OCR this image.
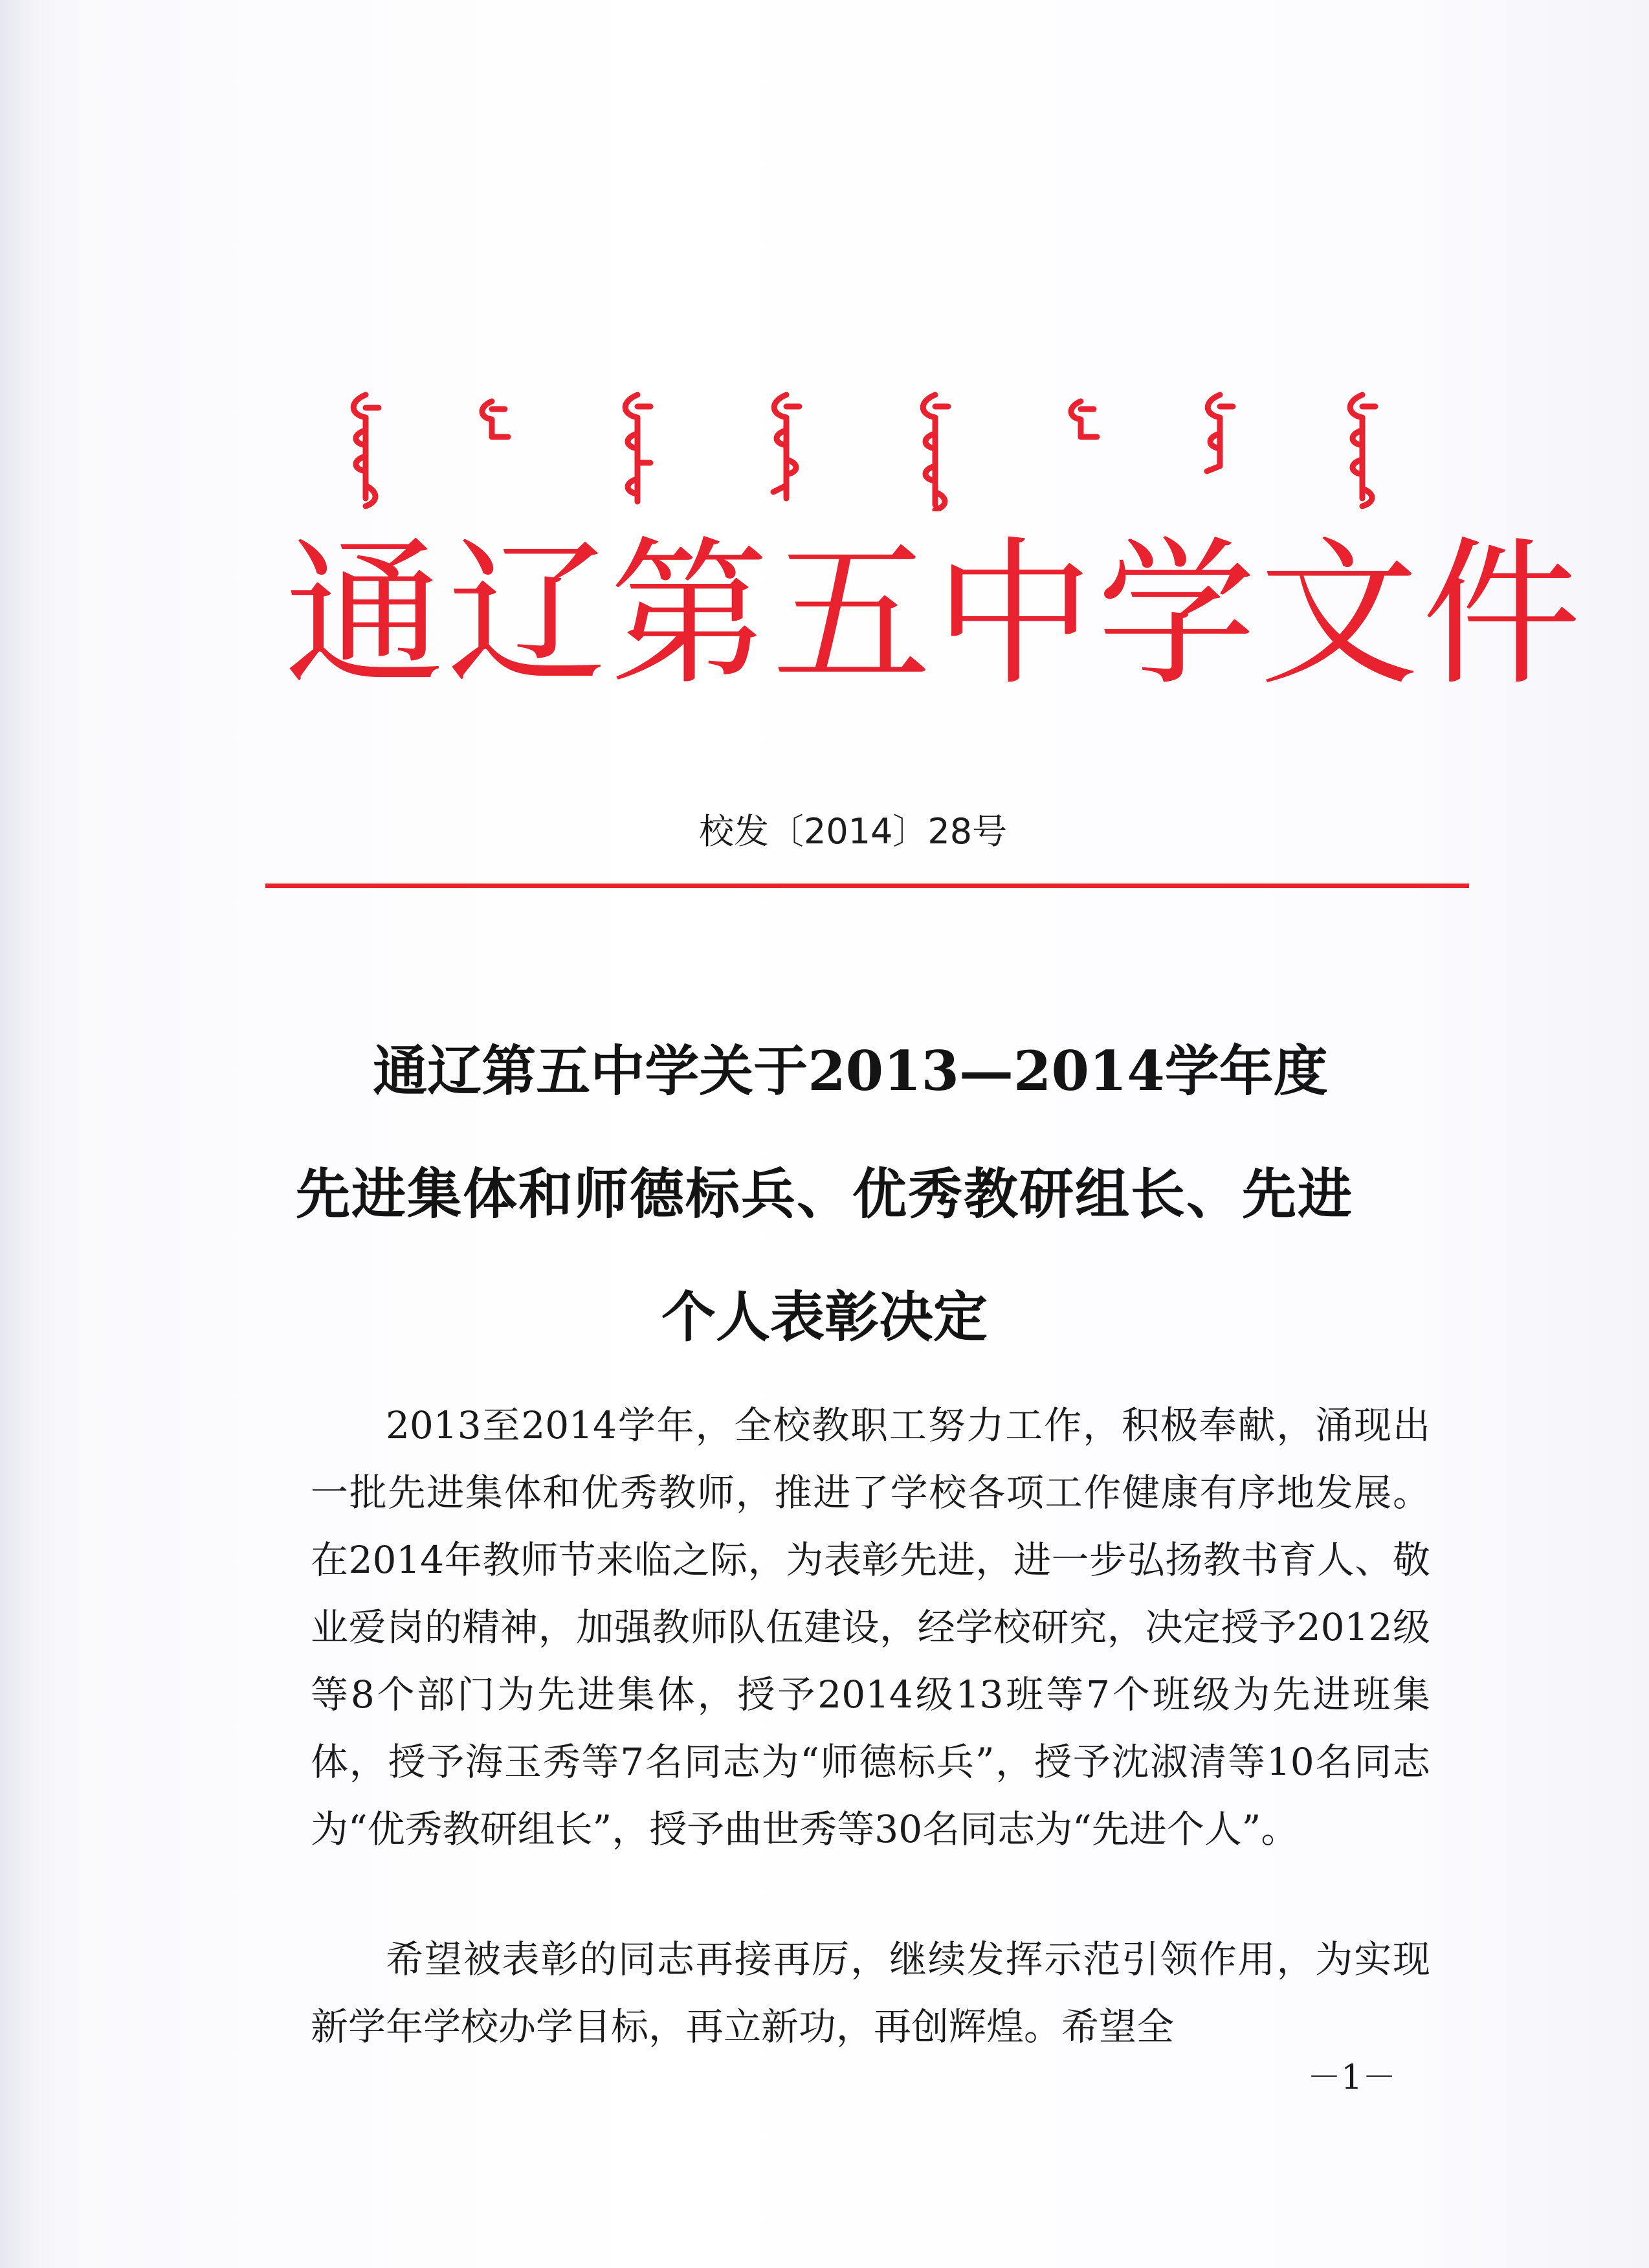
通辽第五中学文件
校发〔2014〕28号
通辽第五中学关于2013—2014学年度
先进集体和师德标兵、优秀教研组长、先进
个人表彰决定

2013至2014学年，全校教职工努力工作，积极奉献，涌现出一批先进集体和优秀教师，推进了学校各项工作健康有序地发展。在2014年教师节来临之际，为表彰先进，进一步弘扬教书育人、敬业爱岗的精神，加强教师队伍建设，经学校研究，决定授予2012级等8个部门为先进集体，授予2014级13班等7个班级为先进班集体，授予海玉秀等7名同志为“师德标兵”，授予沈淑清等10名同志为“优秀教研组长”，授予曲世秀等30名同志为“先进个人”。

希望被表彰的同志再接再厉，继续发挥示范引领作用，为实现新学年学校办学目标，再立新功，再创辉煌。希望全

－1－
